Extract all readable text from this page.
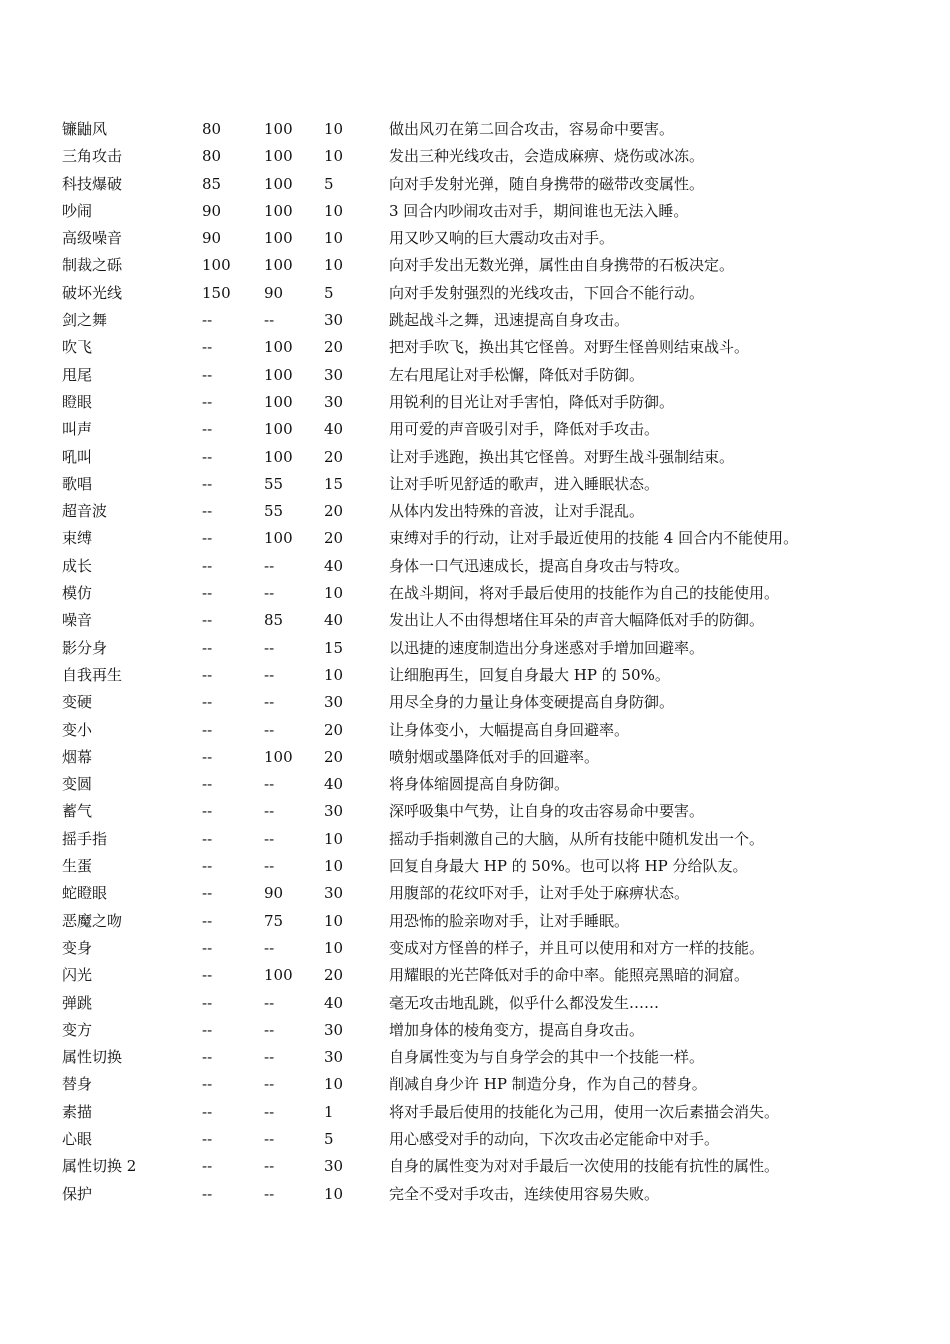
镰鼬风	80	100	10	做出风刃在第二回合攻击，容易命中要害。
三角攻击	80	100	10	发出三种光线攻击，会造成麻痹、烧伤或冰冻。
科技爆破	85	100	5	向对手发射光弹，随自身携带的磁带改变属性。
吵闹	90	100	10	3 回合内吵闹攻击对手，期间谁也无法入睡。
高级噪音	90	100	10	用又吵又响的巨大震动攻击对手。
制裁之砾	100	100	10	向对手发出无数光弹，属性由自身携带的石板决定。
破坏光线	150	90	5	向对手发射强烈的光线攻击，下回合不能行动。
剑之舞	--	--	30	跳起战斗之舞，迅速提高自身攻击。
吹飞	--	100	20	把对手吹飞，换出其它怪兽。对野生怪兽则结束战斗。
甩尾	--	100	30	左右甩尾让对手松懈，降低对手防御。
瞪眼	--	100	30	用锐利的目光让对手害怕，降低对手防御。
叫声	--	100	40	用可爱的声音吸引对手，降低对手攻击。
吼叫	--	100	20	让对手逃跑，换出其它怪兽。对野生战斗强制结束。
歌唱	--	55	15	让对手听见舒适的歌声，进入睡眠状态。
超音波	--	55	20	从体内发出特殊的音波，让对手混乱。
束缚	--	100	20	束缚对手的行动，让对手最近使用的技能 4 回合内不能使用。
成长	--	--	40	身体一口气迅速成长，提高自身攻击与特攻。
模仿	--	--	10	在战斗期间，将对手最后使用的技能作为自己的技能使用。
噪音	--	85	40	发出让人不由得想堵住耳朵的声音大幅降低对手的防御。
影分身	--	--	15	以迅捷的速度制造出分身迷惑对手增加回避率。
自我再生	--	--	10	让细胞再生，回复自身最大 HP 的 50%。
变硬	--	--	30	用尽全身的力量让身体变硬提高自身防御。
变小	--	--	20	让身体变小，大幅提高自身回避率。
烟幕	--	100	20	喷射烟或墨降低对手的回避率。
变圆	--	--	40	将身体缩圆提高自身防御。
蓄气	--	--	30	深呼吸集中气势，让自身的攻击容易命中要害。
摇手指	--	--	10	摇动手指刺激自己的大脑，从所有技能中随机发出一个。
生蛋	--	--	10	回复自身最大 HP 的 50%。也可以将 HP 分给队友。
蛇瞪眼	--	90	30	用腹部的花纹吓对手，让对手处于麻痹状态。
恶魔之吻	--	75	10	用恐怖的脸亲吻对手，让对手睡眠。
变身	--	--	10	变成对方怪兽的样子，并且可以使用和对方一样的技能。
闪光	--	100	20	用耀眼的光芒降低对手的命中率。能照亮黑暗的洞窟。
弹跳	--	--	40	毫无攻击地乱跳，似乎什么都没发生……
变方	--	--	30	增加身体的棱角变方，提高自身攻击。
属性切换	--	--	30	自身属性变为与自身学会的其中一个技能一样。
替身	--	--	10	削减自身少许 HP 制造分身，作为自己的替身。
素描	--	--	1	将对手最后使用的技能化为己用，使用一次后素描会消失。
心眼	--	--	5	用心感受对手的动向，下次攻击必定能命中对手。
属性切换 2	--	--	30	自身的属性变为对对手最后一次使用的技能有抗性的属性。
保护	--	--	10	完全不受对手攻击，连续使用容易失败。
